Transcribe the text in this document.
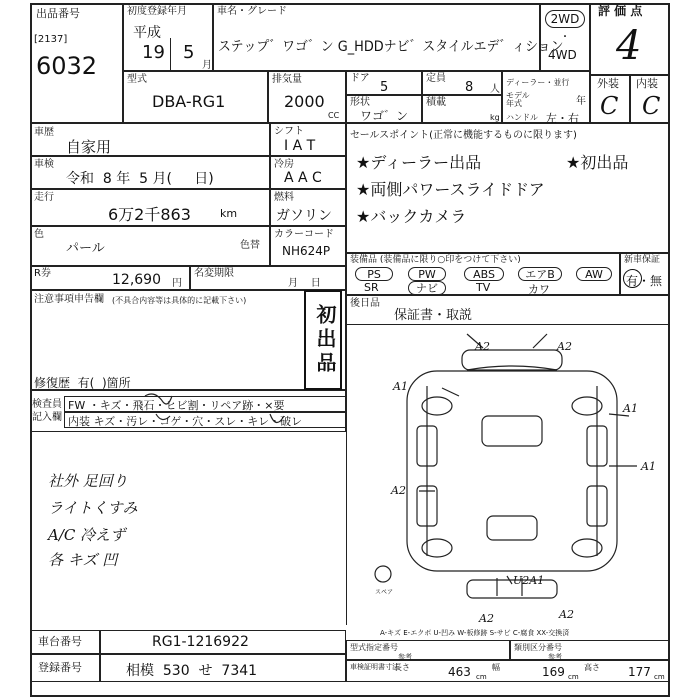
出品番号
[2137]
6032
初度登録年月
平成
19 5
月
車名・グレード
ステップ゛ワゴ゛ン G_HDDナビ゛スタイルエデ゛ィション
2WD
・
4WD
評 価 点
4
型式
DBA-RG1
排気量
2000
CC
ドア
5
定員
8 人
ディーラー・並行
モデル
年式	年
形状
ワゴ゛ン
積載
kg ハンドル 左・右
外装 内装
C C
車歴
自家用
シフト
I A T
車検
令和  8 年  5 月(     日)
冷房
A A C
走行
6万2千863	km
燃料
ガソリン
色
パール	色替
カラーコード
NH624P
R券	12,690 円
名変期限
月    日
セールスポイント(正常に機能するものに限ります)
★ディーラー出品	★初出品
★両側パワースライドドア
★バックカメラ
装備品 (装備品に限り○印をつけて下さい)
PS	PW	ABS	エアB	AW
SR	ナビ	TV	カワ
新車保証
有・無
後日品
保証書・取説
注意事項申告欄 (不具合内容等は具体的に記載下さい)
初出品
修復歴  有(  )箇所
検査員
記入欄
FW ・キズ・飛石・ヒビ割・リペア跡・×要
内装 キズ・汚レ・コゲ・穴・スレ・キレ・破レ
社外 足回り
ライトくすみ
A/C 冷えず
各 キズ 凹
A2	A2
A1
A1
A1
A2
U2A1
A2	A2
スペア
A-キズ E-エクボ U-凹み W-板修跡 S-サビ C-腐食 XX-交換済
車台番号	RG1-1216922
登録番号	相模  530  せ  7341
型式指定番号
参考
類別区分番号
参考
車検証明書寸法
長さ	463 cm
幅	169 cm
高さ 177 cm
